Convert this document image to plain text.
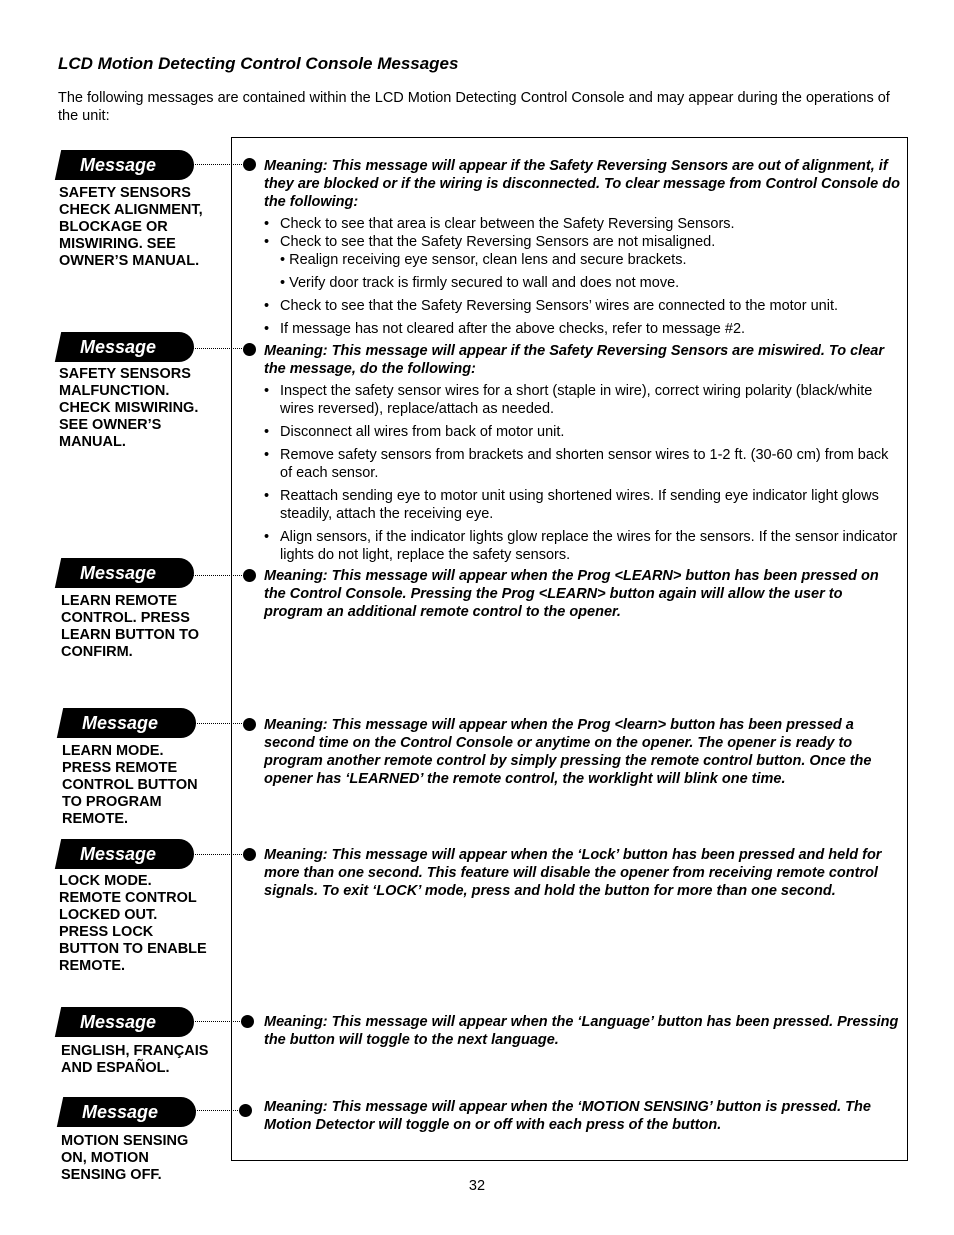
LCD Motion Detecting Control Console Messages

The following messages are contained within the LCD Motion Detecting Control Console and may appear during the operations of the unit:

Message
SAFETY SENSORS
CHECK ALIGNMENT,
BLOCKAGE OR
MISWIRING. SEE
OWNER’S MANUAL.
Meaning: This message will appear if the Safety Reversing Sensors are out of alignment, if they are blocked or if the wiring is disconnected. To clear message from Control Console do the following:
• Check to see that area is clear between the Safety Reversing Sensors.
• Check to see that the Safety Reversing Sensors are not misaligned.
• Realign receiving eye sensor, clean lens and secure brackets.
• Verify door track is firmly secured to wall and does not move.
• Check to see that the Safety Reversing Sensors’ wires are connected to the motor unit.
• If message has not cleared after the above checks, refer to message #2.
Message
SAFETY SENSORS
MALFUNCTION.
CHECK MISWIRING.
SEE OWNER’S
MANUAL.
Meaning: This message will appear if the Safety Reversing Sensors are miswired. To clear the message, do the following:
• Inspect the safety sensor wires for a short (staple in wire), correct wiring polarity (black/white wires reversed), replace/attach as needed.
• Disconnect all wires from back of motor unit.
• Remove safety sensors from brackets and shorten sensor wires to 1-2 ft. (30-60 cm) from back of each sensor.
• Reattach sending eye to motor unit using shortened wires. If sending eye indicator light glows steadily, attach the receiving eye.
• Align sensors, if the indicator lights glow replace the wires for the sensors. If the sensor indicator lights do not light, replace the safety sensors.
Message
LEARN REMOTE
CONTROL. PRESS
LEARN BUTTON TO
CONFIRM.
Meaning: This message will appear when the Prog <LEARN> button has been pressed on the Control Console. Pressing the Prog <LEARN> button again will allow the user to program an additional remote control to the opener.
Message
LEARN MODE.
PRESS REMOTE
CONTROL BUTTON
TO PROGRAM
REMOTE.
Meaning: This message will appear when the Prog <learn> button has been pressed a second time on the Control Console or anytime on the opener. The opener is ready to program another remote control by simply pressing the remote control button. Once the opener has ‘LEARNED’ the remote control, the worklight will blink one time.
Message
LOCK MODE.
REMOTE CONTROL
LOCKED OUT.
PRESS LOCK
BUTTON TO ENABLE
REMOTE.
Meaning: This message will appear when the ‘Lock’ button has been pressed and held for more than one second. This feature will disable the opener from receiving remote control signals. To exit ‘LOCK’ mode, press and hold the button for more than one second.
Message
ENGLISH, FRANÇAIS
AND ESPAÑOL.
Meaning: This message will appear when the ‘Language’ button has been pressed. Pressing the button will toggle to the next language.
Message
MOTION SENSING
ON, MOTION
SENSING OFF.
Meaning: This message will appear when the ‘MOTION SENSING’ button is pressed. The Motion Detector will toggle on or off with each press of the button.
32
